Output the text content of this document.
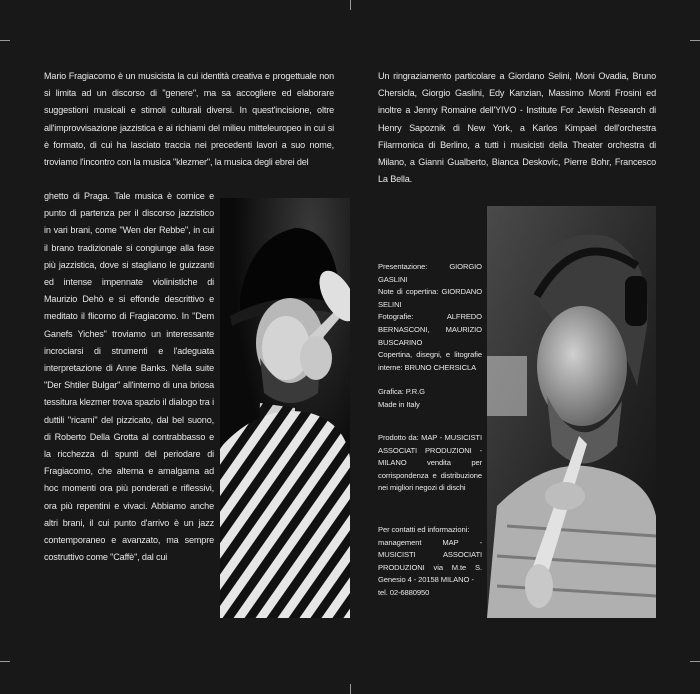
Mario Fragiacomo è un musicista la cui identità creativa e progettuale non si limita ad un discorso di "genere", ma sa accogliere ed elaborare suggestioni musicali e stimoli culturali diversi. In quest'incisione, oltre all'improvvisazione jazzistica e ai richiami del milieu mitteleuropeo in cui si è formato, di cui ha lasciato traccia nei precedenti lavori a suo nome, troviamo l'incontro con la musica "klezmer", la musica degli ebrei del

ghetto di Praga. Tale musica è cornice e punto di partenza per il discorso jazzistico in vari brani, come "Wen der Rebbe", in cui il brano tradizionale si congiunge alla fase più jazzistica, dove si stagliano le guizzanti ed intense impennate violinistiche di Maurizio Dehò e si effonde descrittivo e meditato il flicorno di Fragiacomo. In "Dem Ganefs Yiches" troviamo un interessante incrociarsi di strumenti e l'adeguata interpretazione di Anne Banks. Nella suite "Der Shtiler Bulgar" all'interno di una briosa tessitura klezmer trova spazio il dialogo tra i duttili "ricami" del pizzicato, dal bel suono, di Roberto Della Grotta al contrabbasso e la ricchezza di spunti del periodare di Fragiacomo, che alterna e amalgama ad hoc momenti ora più ponderati e riflessivi, ora più repentini e vivaci. Abbiamo anche altri brani, il cui punto d'arrivo è un jazz contemporaneo e avanzato, ma sempre costruttivo come "Caffè", dal cui

Un ringraziamento particolare a Giordano Selini, Moni Ovadia, Bruno Chersicla, Giorgio Gaslini, Edy Kanzian, Massimo Monti Frosini ed inoltre a Jenny Romaine dell'YIVO - Institute For Jewish Research di Henry Sapoznik di New York, a Karlos Kimpael dell'orchestra Filarmonica di Berlino, a tutti i musicisti della Theater orchestra di Milano, a Gianni Gualberto, Bianca Deskovic, Pierre Bohr, Francesco La Bella.

Presentazione: GIORGIO GASLINI
Note di copertina: GIORDANO SELINI
Fotografie: ALFREDO BERNASCONI, MAURIZIO BUSCARINO
Copertina, disegni, e litografie interne: BRUNO CHERSICLA
Grafica: P.R.G
Made in Italy

Prodotto da: MAP - MUSICISTI ASSOCIATI PRODUZIONI - MILANO vendita per corrispondenza e distribuzione nei migliori negozi di dischi

Per contatti ed informazioni:
management MAP - MUSICISTI ASSOCIATI PRODUZIONI via M.te S. Genesio 4 - 20158 MILANO -
tel. 02-6880950
